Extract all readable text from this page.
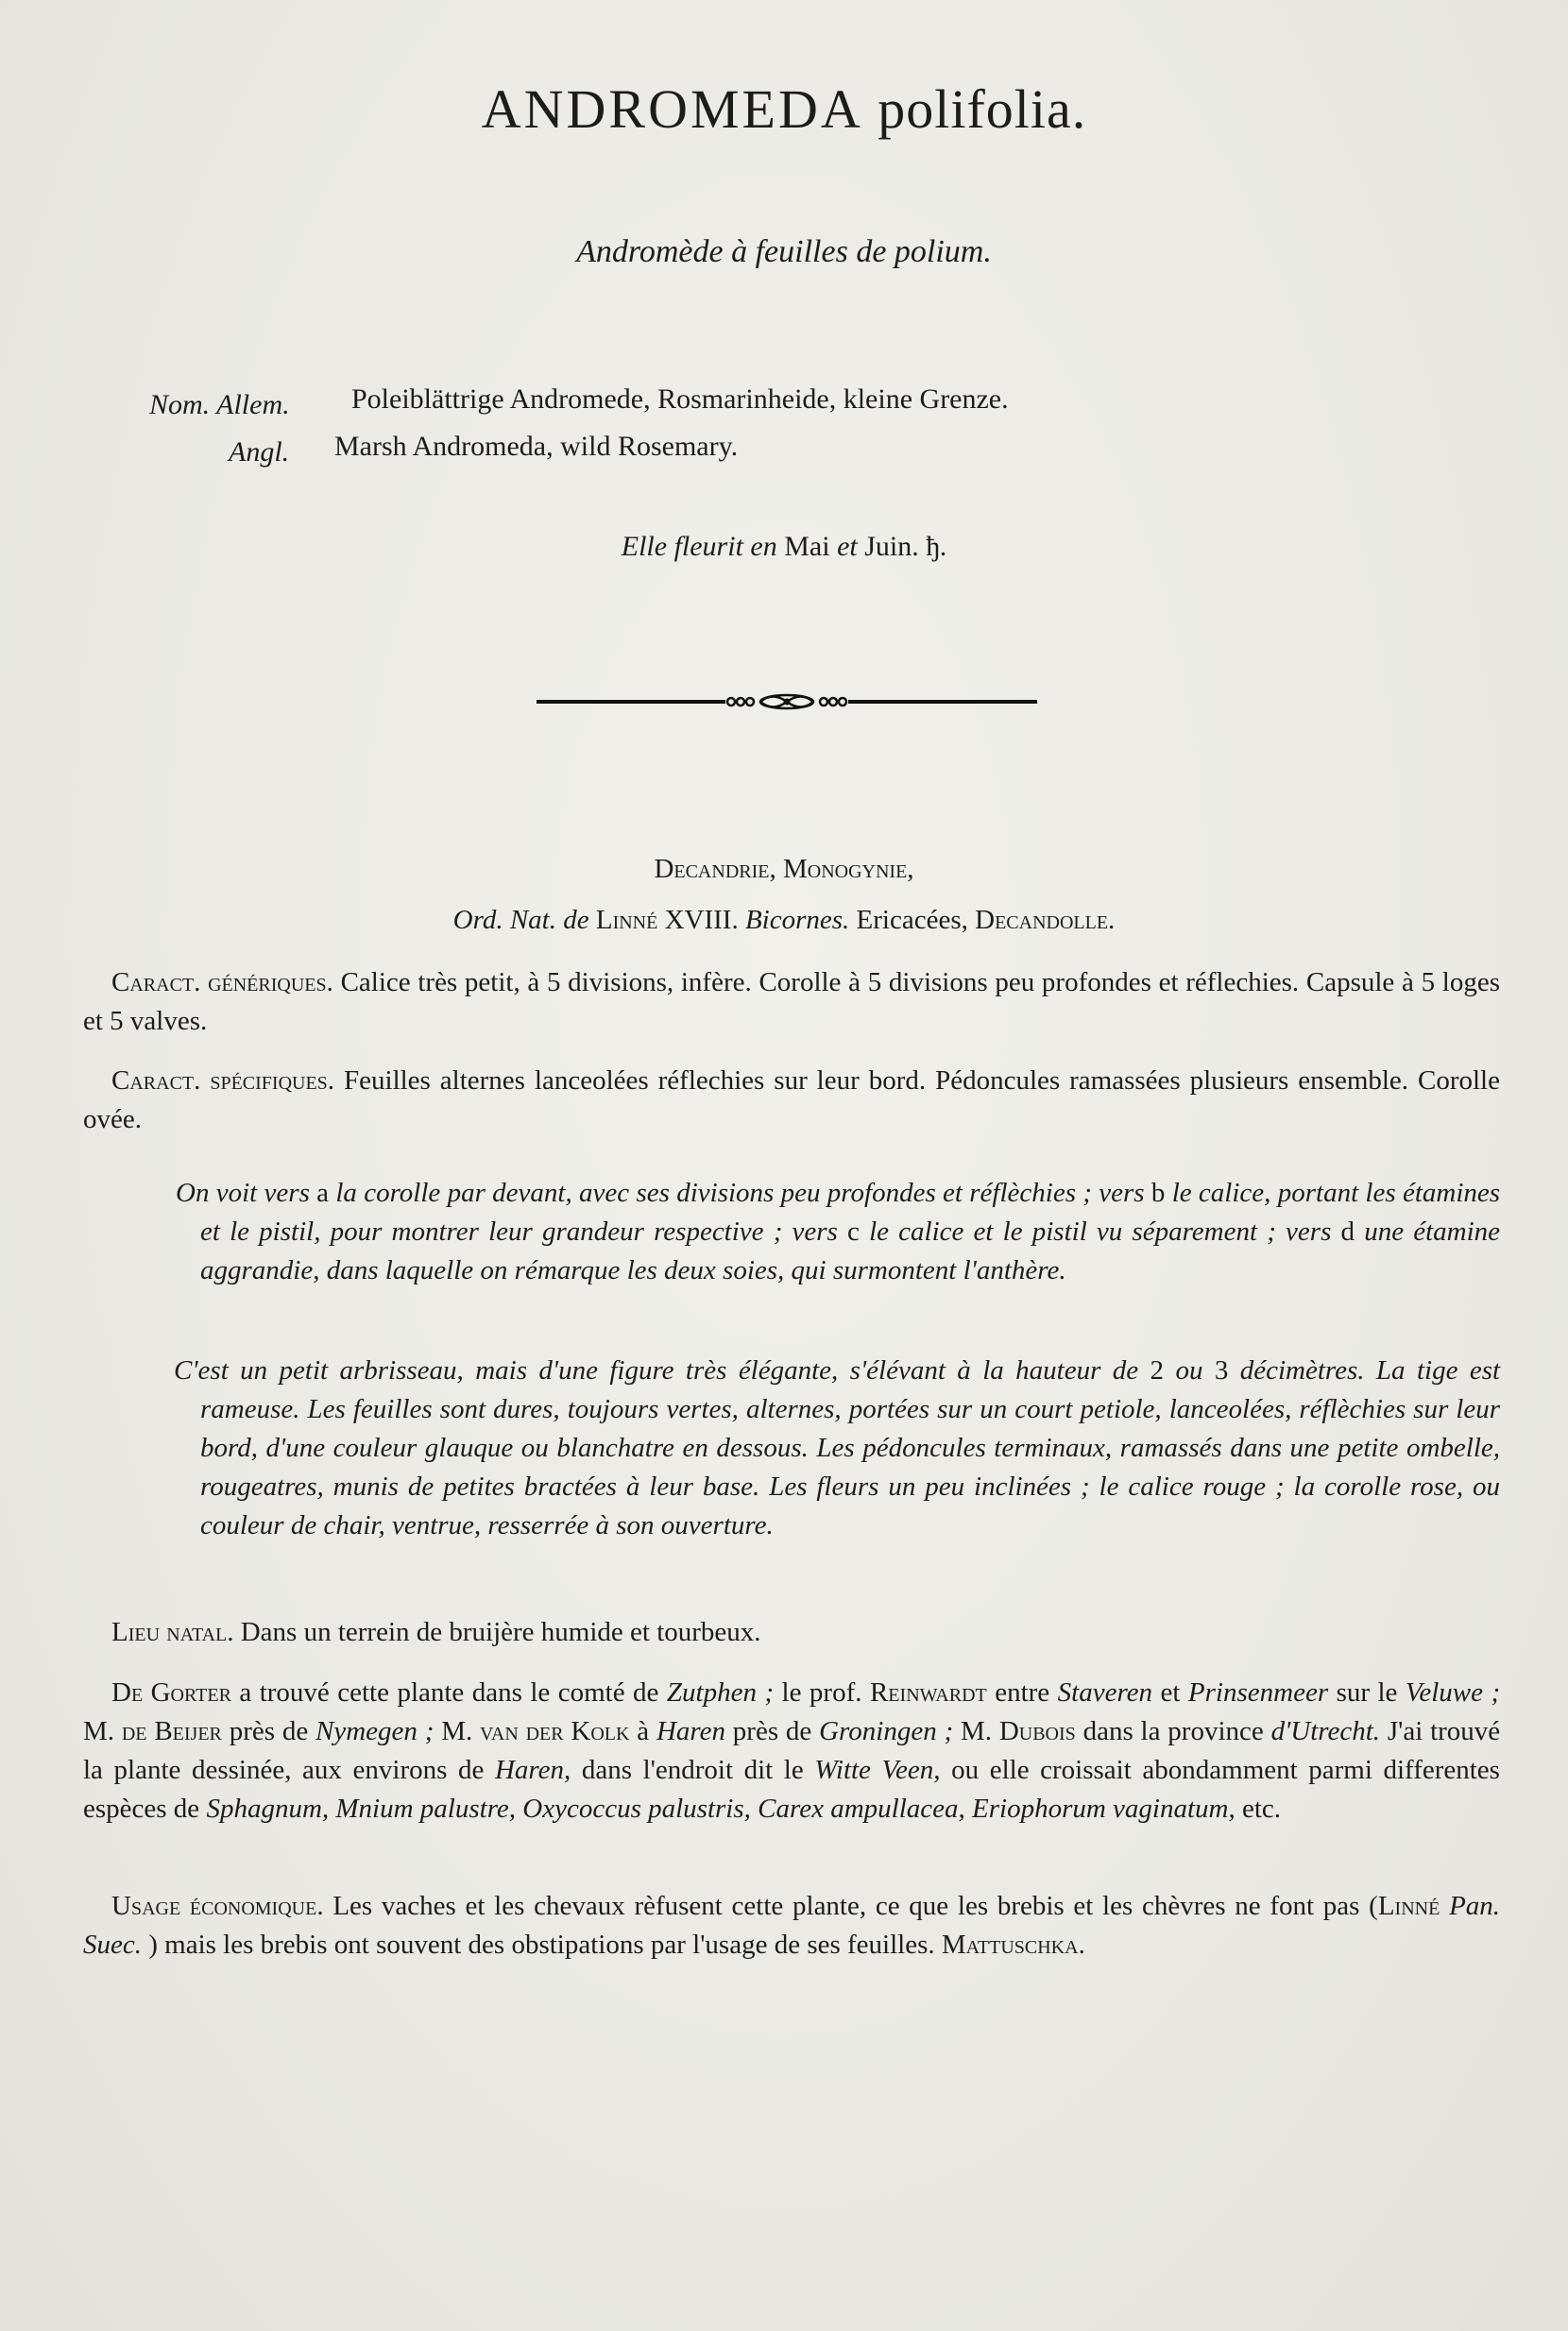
ANDROMEDA polifolia.
Andromède à feuilles de polium.
Nom. Allem. Poleiblättrige Andromede, Rosmarinheide, kleine Grenze.
Angl. Marsh Andromeda, wild Rosemary.
Elle fleurit en Mai et Juin. ђ.
Decandrie, Monogynie,
Ord. Nat. de Linné XVIII. Bicornes. Ericacées, Decandolle.
Caract. génériques. Calice très petit, à 5 divisions, infère. Corolle à 5 divisions peu profondes et réflechies. Capsule à 5 loges et 5 valves.
Caract. spécifiques. Feuilles alternes lanceolées réflechies sur leur bord. Pédoncules ramassées plusieurs ensemble. Corolle ovée.
On voit vers a la corolle par devant, avec ses divisions peu profondes et réflèchies ; vers b le calice, portant les étamines et le pistil, pour montrer leur grandeur respective ; vers c le calice et le pistil vu séparement ; vers d une étamine aggrandie, dans laquelle on rémarque les deux soies, qui surmontent l'anthère.
C'est un petit arbrisseau, mais d'une figure très élégante, s'élévant à la hauteur de 2 ou 3 décimètres. La tige est rameuse. Les feuilles sont dures, toujours vertes, alternes, portées sur un court petiole, lanceolées, réflèchies sur leur bord, d'une couleur glauque ou blanchatre en dessous. Les pédoncules terminaux, ramassés dans une petite ombelle, rougeatres, munis de petites bractées à leur base. Les fleurs un peu inclinées ; le calice rouge ; la corolle rose, ou couleur de chair, ventrue, resserrée à son ouverture.
Lieu natal. Dans un terrein de bruijère humide et tourbeux.
De Gorter a trouvé cette plante dans le comté de Zutphen ; le prof. Reinwardt entre Staveren et Prinsenmeer sur le Veluwe ; M. de Beijer près de Nymegen ; M. van der Kolk à Haren près de Groningen ; M. Dubois dans la province d'Utrecht. J'ai trouvé la plante dessinée, aux environs de Haren, dans l'endroit dit le Witte Veen, ou elle croissait abondamment parmi differentes espèces de Sphagnum, Mnium palustre, Oxycoccus palustris, Carex ampullacea, Eriophorum vaginatum, etc.
Usage économique. Les vaches et les chevaux rèfusent cette plante, ce que les brebis et les chèvres ne font pas (Linné Pan. Suec. ) mais les brebis ont souvent des obstipations par l'usage de ses feuilles. Mattuschka.
